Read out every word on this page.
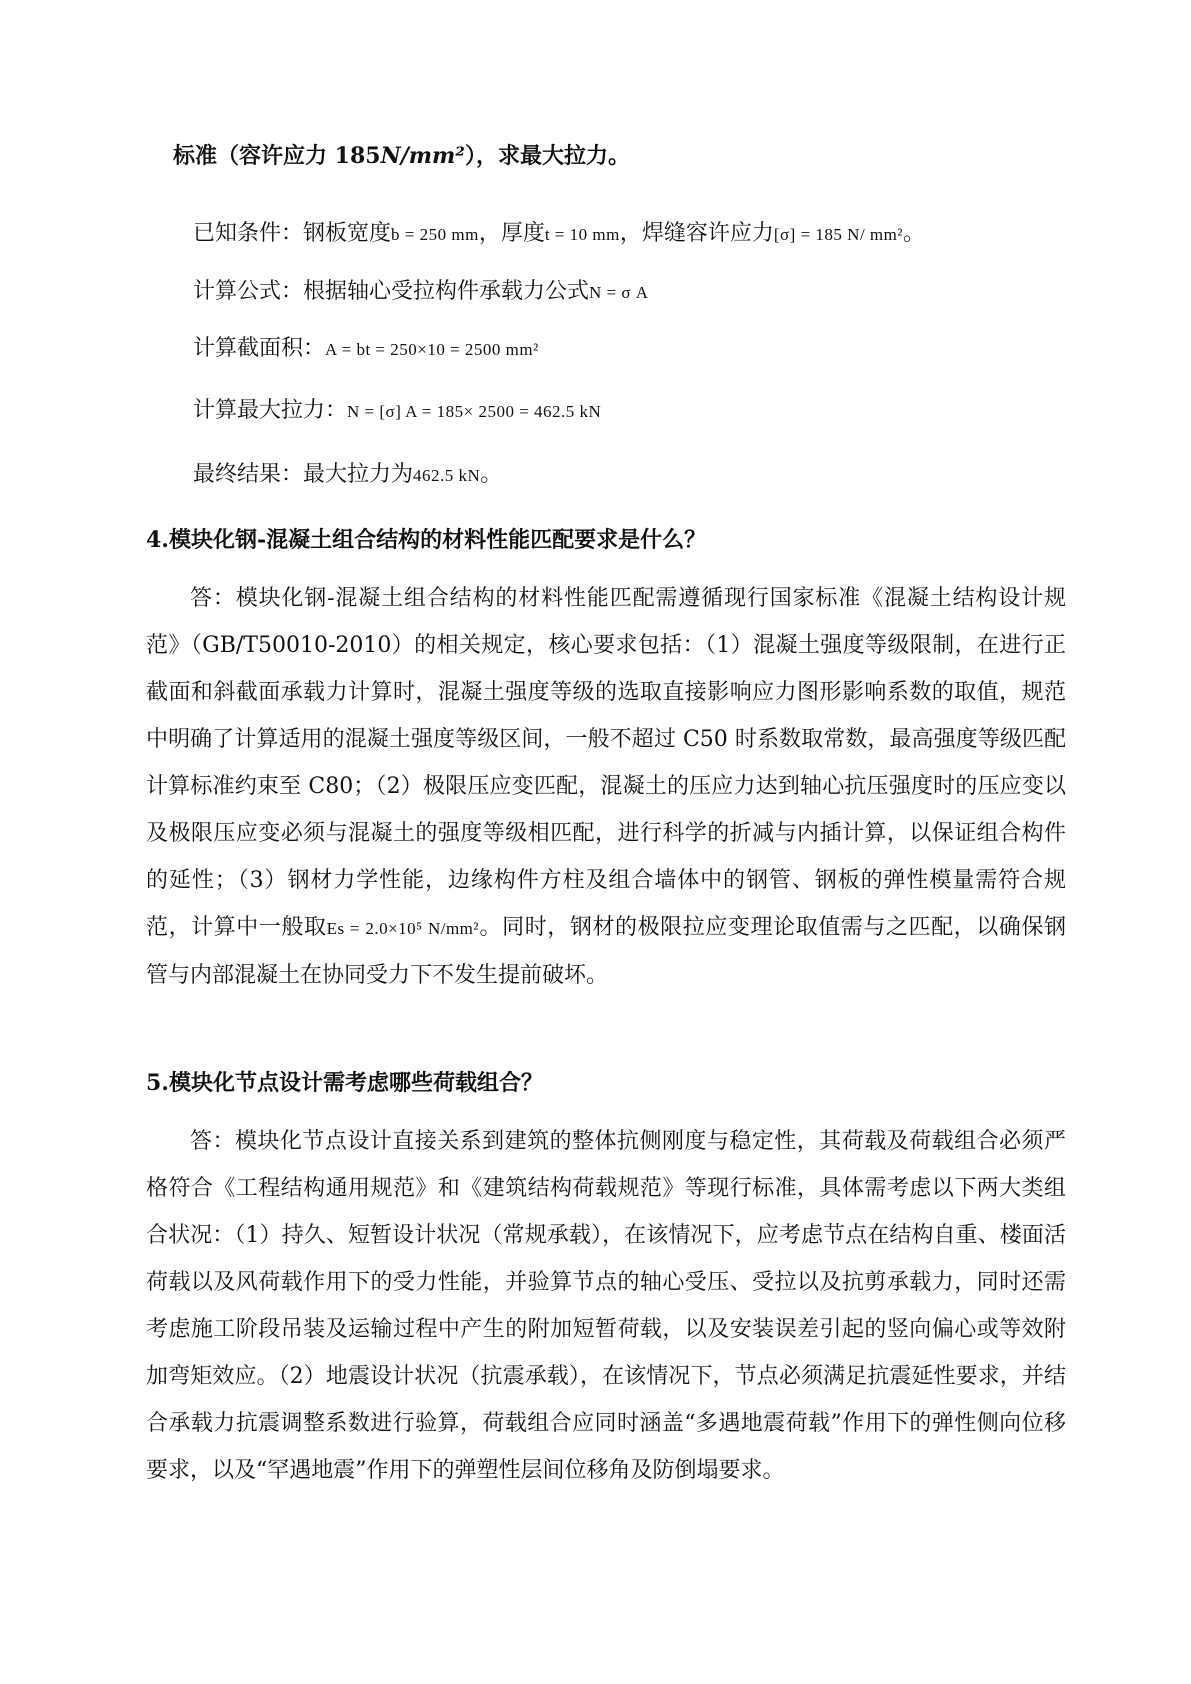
标准（容许应力 185N/mm²），求最大拉力。
已知条件：钢板宽度b = 250 mm，厚度t = 10 mm，焊缝容许应力[σ] = 185 N/ mm²。
计算公式：根据轴心受拉构件承载力公式N = σ A
计算截面积：A = bt = 250×10 = 2500 mm²
计算最大拉力：N = [σ] A = 185× 2500 = 462.5 kN
最终结果：最大拉力为462.5 kN。
4.模块化钢-混凝土组合结构的材料性能匹配要求是什么？

答：模块化钢-混凝土组合结构的材料性能匹配需遵循现行国家标准《混凝土结构设计规范》（GB/T50010-2010）的相关规定，核心要求包括：（1）混凝土强度等级限制，在进行正截面和斜截面承载力计算时，混凝土强度等级的选取直接影响应力图形影响系数的取值，规范中明确了计算适用的混凝土强度等级区间，一般不超过 C50 时系数取常数，最高强度等级匹配计算标准约束至 C80；（2）极限压应变匹配，混凝土的压应力达到轴心抗压强度时的压应变以及极限压应变必须与混凝土的强度等级相匹配，进行科学的折减与内插计算，以保证组合构件的延性；（3）钢材力学性能，边缘构件方柱及组合墙体中的钢管、钢板的弹性模量需符合规范，计算中一般取Es = 2.0×10⁵ N/mm²。同时，钢材的极限拉应变理论取值需与之匹配，以确保钢管与内部混凝土在协同受力下不发生提前破坏。

5.模块化节点设计需考虑哪些荷载组合？

答：模块化节点设计直接关系到建筑的整体抗侧刚度与稳定性，其荷载及荷载组合必须严格符合《工程结构通用规范》和《建筑结构荷载规范》等现行标准，具体需考虑以下两大类组合状况：（1）持久、短暂设计状况（常规承载），在该情况下，应考虑节点在结构自重、楼面活荷载以及风荷载作用下的受力性能，并验算节点的轴心受压、受拉以及抗剪承载力，同时还需考虑施工阶段吊装及运输过程中产生的附加短暂荷载，以及安装误差引起的竖向偏心或等效附加弯矩效应。（2）地震设计状况（抗震承载），在该情况下，节点必须满足抗震延性要求，并结合承载力抗震调整系数进行验算，荷载组合应同时涵盖“多遇地震荷载”作用下的弹性侧向位移要求，以及“罕遇地震”作用下的弹塑性层间位移角及防倒塌要求。
